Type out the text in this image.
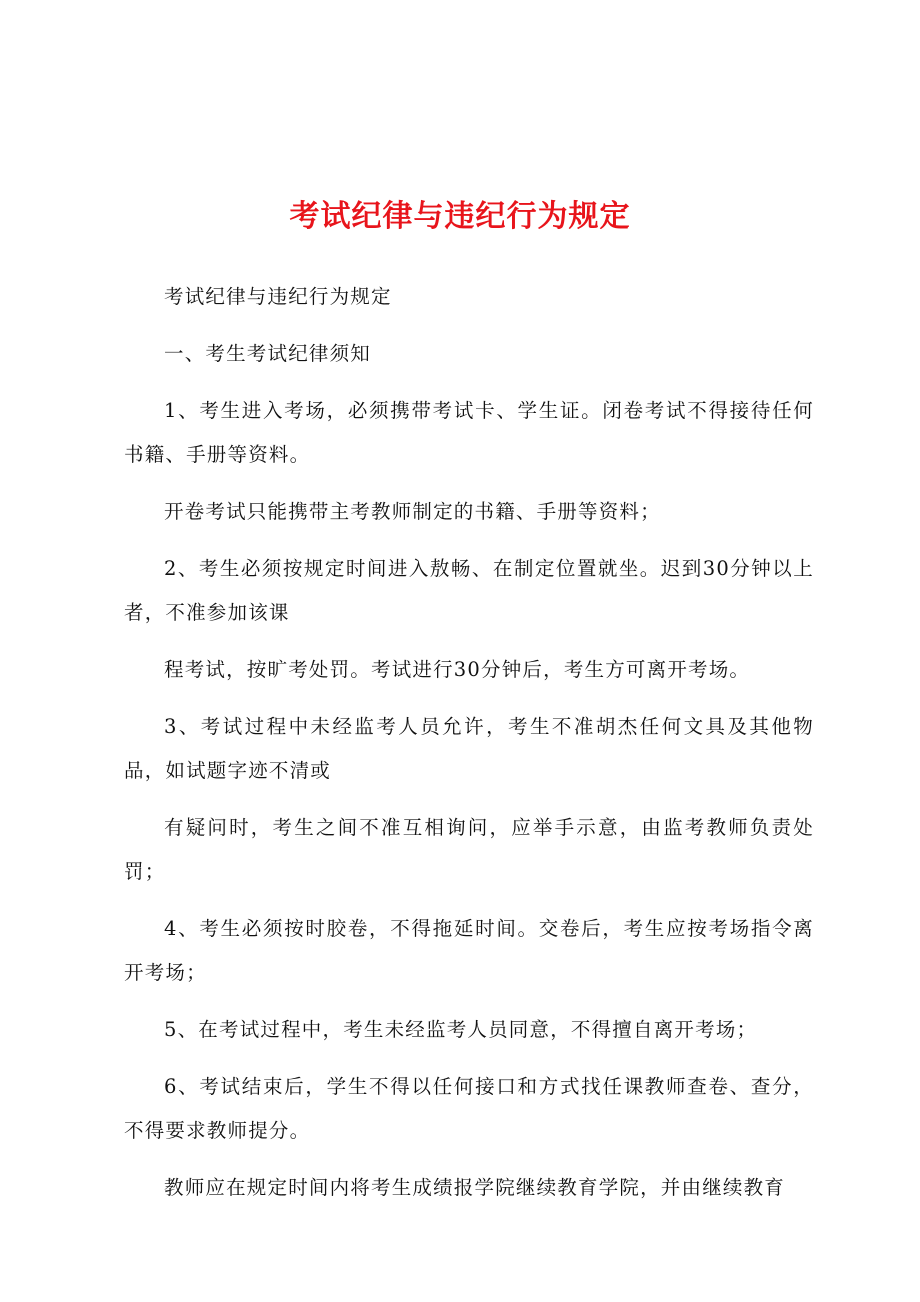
考试纪律与违纪行为规定

考试纪律与违纪行为规定

一、考生考试纪律须知

1、考生进入考场，必须携带考试卡、学生证。闭卷考试不得接待任何书籍、手册等资料。

开卷考试只能携带主考教师制定的书籍、手册等资料；

2、考生必须按规定时间进入敖畅、在制定位置就坐。迟到30分钟以上者，不准参加该课

程考试，按旷考处罚。考试进行30分钟后，考生方可离开考场。

3、考试过程中未经监考人员允许，考生不准胡杰任何文具及其他物品，如试题字迹不清或

有疑问时，考生之间不准互相询问，应举手示意，由监考教师负责处罚；

4、考生必须按时胶卷，不得拖延时间。交卷后，考生应按考场指令离开考场；

5、在考试过程中，考生未经监考人员同意，不得擅自离开考场；

6、考试结束后，学生不得以任何接口和方式找任课教师查卷、查分，不得要求教师提分。

教师应在规定时间内将考生成绩报学院继续教育学院，并由继续教育
